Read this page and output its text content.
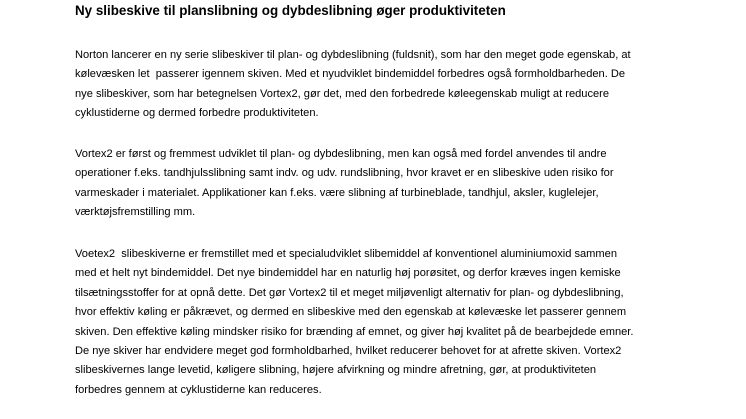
Ny slibeskive til planslibning og dybdeslibning øger produktiviteten

Norton lancerer en ny serie slibeskiver til plan- og dybdeslibning (fuldsnit), som har den meget gode egenskab, at
kølevæsken let  passerer igennem skiven. Med et nyudviklet bindemiddel forbedres også formholdbarheden. De
nye slibeskiver, som har betegnelsen Vortex2, gør det, med den forbedrede køleegenskab muligt at reducere
cyklustiderne og dermed forbedre produktiviteten.

Vortex2 er først og fremmest udviklet til plan- og dybdeslibning, men kan også med fordel anvendes til andre
operationer f.eks. tandhjulsslibning samt indv. og udv. rundslibning, hvor kravet er en slibeskive uden risiko for
varmeskader i materialet. Applikationer kan f.eks. være slibning af turbineblade, tandhjul, aksler, kuglelejer,
værktøjsfremstilling mm.

Voetex2  slibeskiverne er fremstillet med et specialudviklet slibemiddel af konventionel aluminiumoxid sammen
med et helt nyt bindemiddel. Det nye bindemiddel har en naturlig høj porøsitet, og derfor kræves ingen kemiske
tilsætningsstoffer for at opnå dette. Det gør Vortex2 til et meget miljøvenligt alternativ for plan- og dybdeslibning,
hvor effektiv køling er påkrævet, og dermed en slibeskive med den egenskab at kølevæske let passerer gennem
skiven. Den effektive køling mindsker risiko for brænding af emnet, og giver høj kvalitet på de bearbejdede emner.
De nye skiver har endvidere meget god formholdbarhed, hvilket reducerer behovet for at afrette skiven. Vortex2
slibeskivernes lange levetid, køligere slibning, højere afvirkning og mindre afretning, gør, at produktiviteten
forbedres gennem at cyklustiderne kan reduceres.
